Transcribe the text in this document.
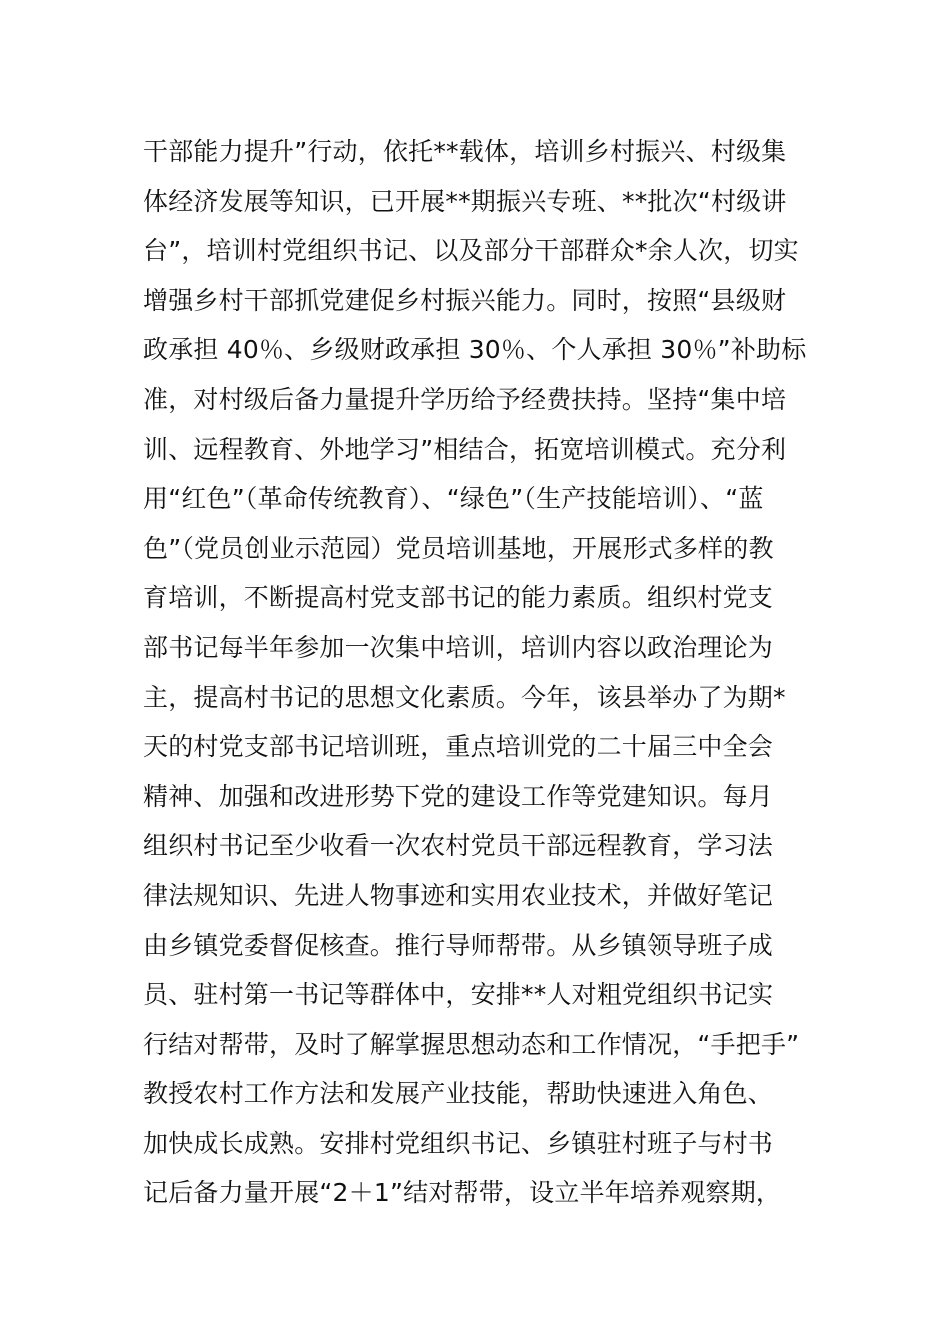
干部能力提升”行动，依托**载体，培训乡村振兴、村级集
体经济发展等知识，已开展**期振兴专班、**批次“村级讲
台”，培训村党组织书记、以及部分干部群众*余人次，切实
增强乡村干部抓党建促乡村振兴能力。同时，按照“县级财
政承担 40％、乡级财政承担 30％、个人承担 30％”补助标
准，对村级后备力量提升学历给予经费扶持。坚持“集中培
训、远程教育、外地学习”相结合，拓宽培训模式。充分利
用“红色”（革命传统教育）、“绿色”（生产技能培训）、“蓝
色”（党员创业示范园）党员培训基地，开展形式多样的教
育培训，不断提高村党支部书记的能力素质。组织村党支
部书记每半年参加一次集中培训，培训内容以政治理论为
主，提高村书记的思想文化素质。今年，该县举办了为期*
天的村党支部书记培训班，重点培训党的二十届三中全会
精神、加强和改进形势下党的建设工作等党建知识。每月
组织村书记至少收看一次农村党员干部远程教育，学习法
律法规知识、先进人物事迹和实用农业技术，并做好笔记
由乡镇党委督促核查。推行导师帮带。从乡镇领导班子成
员、驻村第一书记等群体中，安排**人对粗党组织书记实
行结对帮带，及时了解掌握思想动态和工作情况，“手把手”
教授农村工作方法和发展产业技能，帮助快速进入角色、
加快成长成熟。安排村党组织书记、乡镇驻村班子与村书
记后备力量开展“2＋1”结对帮带，设立半年培养观察期，
